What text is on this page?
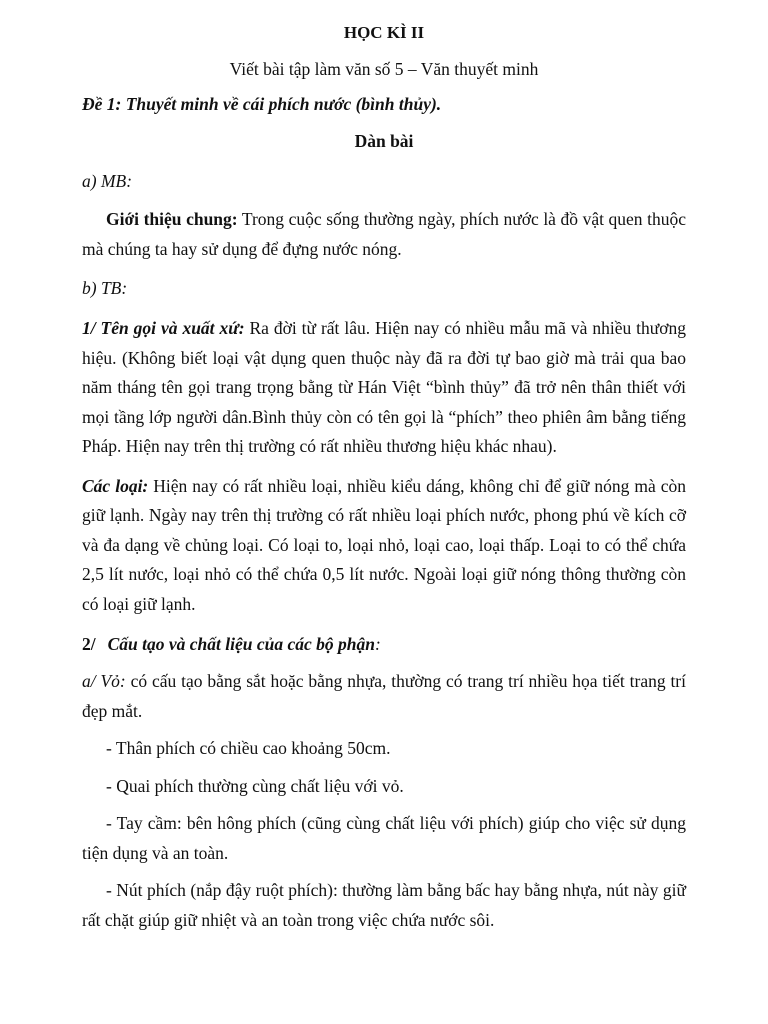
HỌC KÌ II
Viết bài tập làm văn số 5 – Văn thuyết minh
Đề 1: Thuyết minh về cái phích nước (bình thủy).
Dàn bài
a) MB:

Giới thiệu chung: Trong cuộc sống thường ngày, phích nước là đồ vật quen thuộc mà chúng ta hay sử dụng để đựng nước nóng.

b) TB:

1/ Tên gọi và xuất xứ: Ra đời từ rất lâu. Hiện nay có nhiều mẫu mã và nhiều thương hiệu. (Không biết loại vật dụng quen thuộc này đã ra đời tự bao giờ mà trải qua bao năm tháng tên gọi trang trọng bằng từ Hán Việt “bình thủy” đã trở nên thân thiết với mọi tầng lớp người dân.Bình thủy còn có tên gọi là “phích” theo phiên âm bằng tiếng Pháp. Hiện nay trên thị trường có rất nhiều thương hiệu khác nhau).

Các loại: Hiện nay có rất nhiều loại, nhiều kiểu dáng, không chỉ để giữ nóng mà còn giữ lạnh. Ngày nay trên thị trường có rất nhiều loại phích nước, phong phú về kích cỡ và đa dạng về chủng loại. Có loại to, loại nhỏ, loại cao, loại thấp. Loại to có thể chứa 2,5 lít nước, loại nhỏ có thể chứa 0,5 lít nước. Ngoài loại giữ nóng thông thường còn có loại giữ lạnh.

2/ Cấu tạo và chất liệu của các bộ phận:

a/ Vỏ: có cấu tạo bằng sắt hoặc bằng nhựa, thường có trang trí nhiều họa tiết trang trí đẹp mắt.

- Thân phích có chiều cao khoảng 50cm.

- Quai phích thường cùng chất liệu với vỏ.

- Tay cầm: bên hông phích (cũng cùng chất liệu với phích) giúp cho việc sử dụng tiện dụng và an toàn.

- Nút phích (nắp đậy ruột phích): thường làm bằng bấc hay bằng nhựa, nút này giữ rất chặt giúp giữ nhiệt và an toàn trong việc chứa nước sôi.
